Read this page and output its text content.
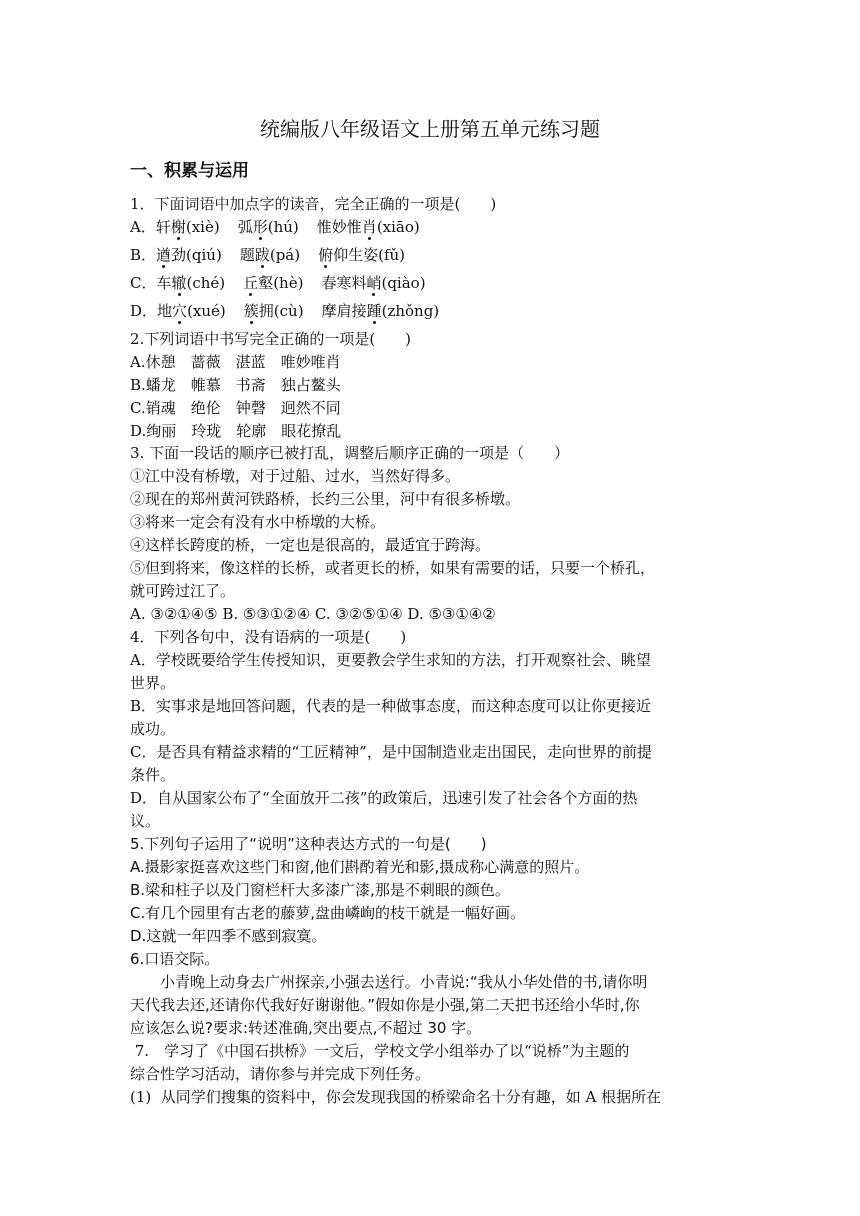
统编版八年级语文上册第五单元练习题
一、积累与运用
1．下面词语中加点字的读音，完全正确的一项是(　　)
A．轩榭(xiè) 弧形(hú) 惟妙惟肖(xiāo)
B．遒劲(qiú) 题跋(pá) 俯仰生姿(fǔ)
C．车辙(ché) 丘壑(hè) 春寒料峭(qiào)
D．地穴(xué) 簇拥(cù) 摩肩接踵(zhǒng)
2.下列词语中书写完全正确的一项是(　　)
A.休憩　蔷薇　湛蓝　唯妙唯肖
B.蟠龙　帷慕　书斋　独占鳌头
C.销魂　绝伦　钟磬　迥然不同
D.绚丽　玲珑　轮廓　眼花撩乱
3. 下面一段话的顺序已被打乱，调整后顺序正确的一项是（　　）
①江中没有桥墩，对于过船、过水，当然好得多。
②现在的郑州黄河铁路桥，长约三公里，河中有很多桥墩。
③将来一定会有没有水中桥墩的大桥。
④这样长跨度的桥，一定也是很高的，最适宜于跨海。
⑤但到将来，像这样的长桥，或者更长的桥，如果有需要的话，只要一个桥孔，
就可跨过江了。
A. ③②①④⑤ B. ⑤③①②④ C. ③②⑤①④ D. ⑤③①④②
4．下列各句中，没有语病的一项是(　　)
A．学校既要给学生传授知识，更要教会学生求知的方法，打开观察社会、眺望
世界。
B．实事求是地回答问题，代表的是一种做事态度，而这种态度可以让你更接近
成功。
C．是否具有精益求精的“工匠精神”，是中国制造业走出国民，走向世界的前提
条件。
D．自从国家公布了“全面放开二孩”的政策后，迅速引发了社会各个方面的热
议。
5.下列句子运用了“说明”这种表达方式的一句是(　　)
A.摄影家挺喜欢这些门和窗,他们斟酌着光和影,摄成称心满意的照片。
B.梁和柱子以及门窗栏杆大多漆广漆,那是不刺眼的颜色。
C.有几个园里有古老的藤萝,盘曲嶙峋的枝干就是一幅好画。
D.这就一年四季不感到寂寞。
6.口语交际。
　　小青晚上动身去广州探亲,小强去送行。小青说:“我从小华处借的书,请你明
天代我去还,还请你代我好好谢谢他。”假如你是小强,第二天把书还给小华时,你
应该怎么说?要求:转述准确,突出要点,不超过 30 字。
7.　学习了《中国石拱桥》一文后，学校文学小组举办了以“说桥”为主题的
综合性学习活动，请你参与并完成下列任务。
(1)  从同学们搜集的资料中，你会发现我国的桥梁命名十分有趣，如 A 根据所在
